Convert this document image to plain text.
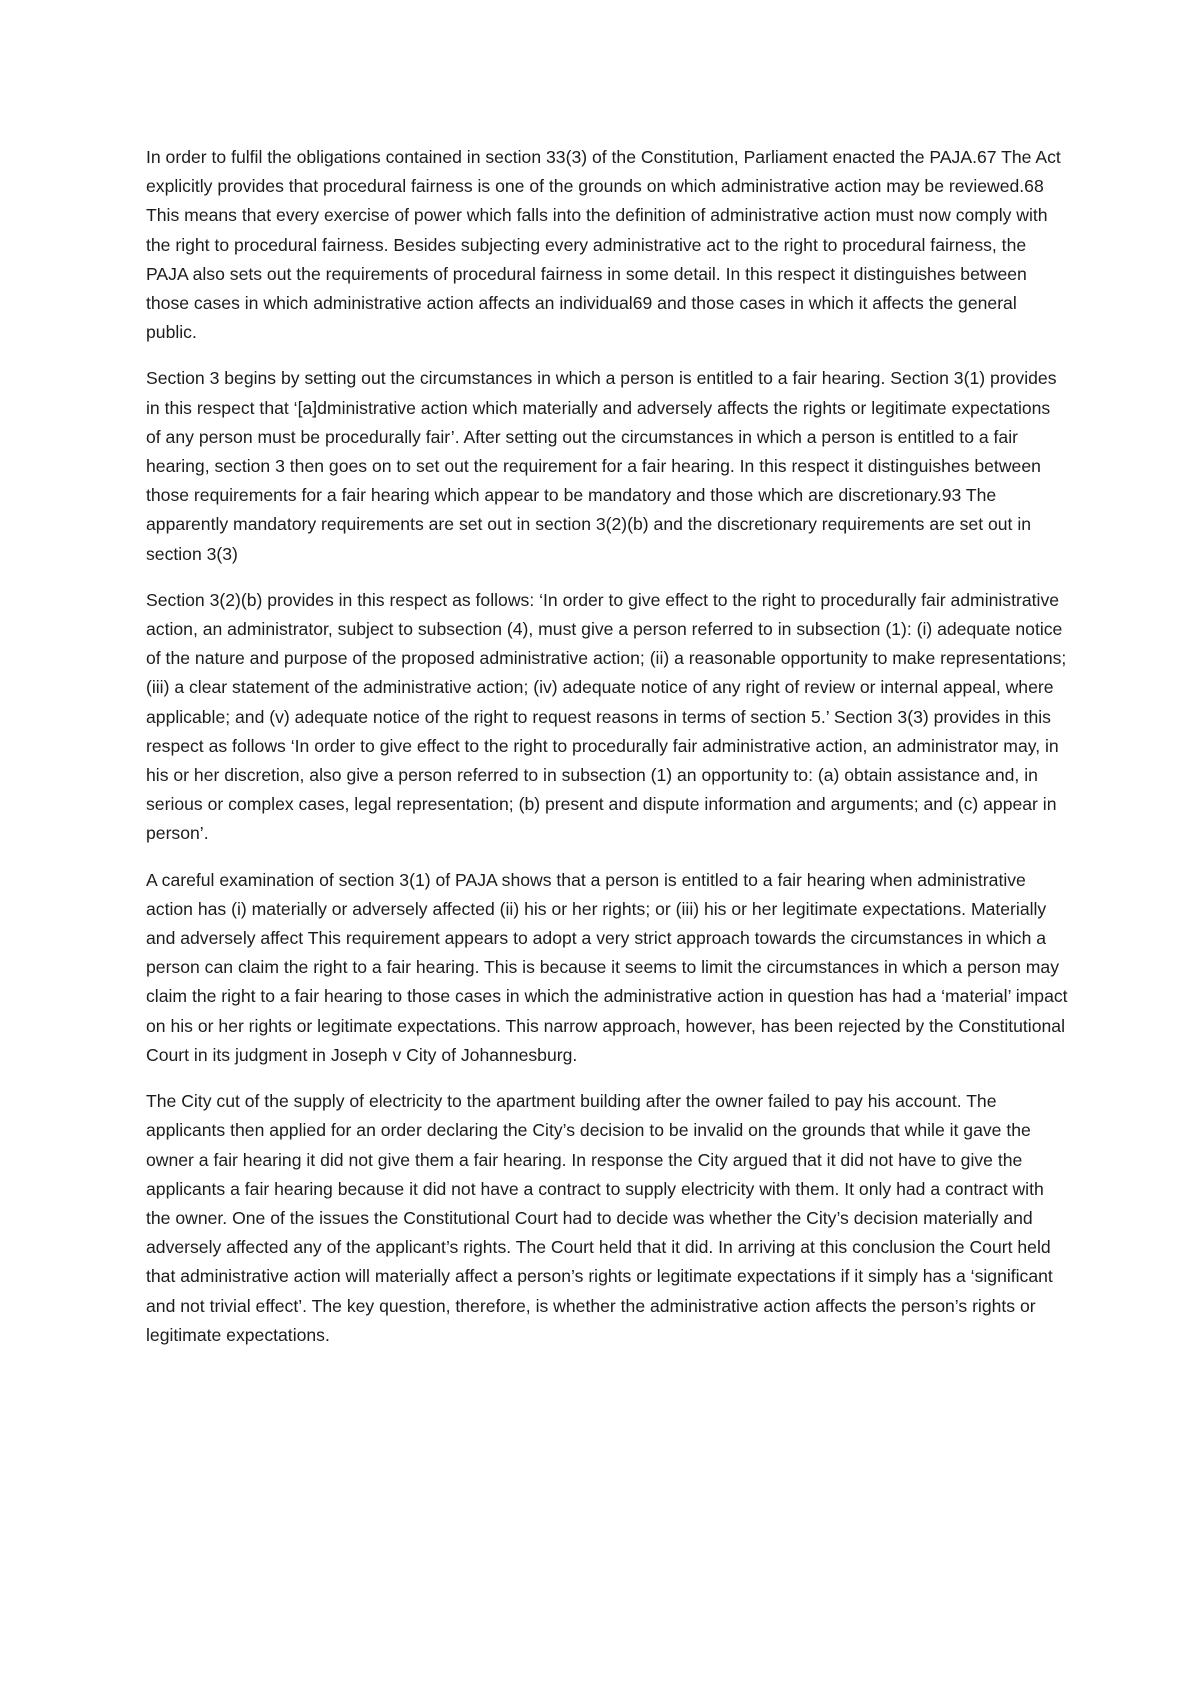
In order to fulfil the obligations contained in section 33(3) of the Constitution, Parliament enacted the PAJA.67 The Act explicitly provides that procedural fairness is one of the grounds on which administrative action may be reviewed.68 This means that every exercise of power which falls into the definition of administrative action must now comply with the right to procedural fairness. Besides subjecting every administrative act to the right to procedural fairness, the PAJA also sets out the requirements of procedural fairness in some detail. In this respect it distinguishes between those cases in which administrative action affects an individual69 and those cases in which it affects the general public.

Section 3 begins by setting out the circumstances in which a person is entitled to a fair hearing. Section 3(1) provides in this respect that ‘[a]dministrative action which materially and adversely affects the rights or legitimate expectations of any person must be procedurally fair’. After setting out the circumstances in which a person is entitled to a fair hearing, section 3 then goes on to set out the requirement for a fair hearing. In this respect it distinguishes between those requirements for a fair hearing which appear to be mandatory and those which are discretionary.93 The apparently mandatory requirements are set out in section 3(2)(b) and the discretionary requirements are set out in section 3(3)

Section 3(2)(b) provides in this respect as follows: ‘In order to give effect to the right to procedurally fair administrative action, an administrator, subject to subsection (4), must give a person referred to in subsection (1): (i) adequate notice of the nature and purpose of the proposed administrative action; (ii) a reasonable opportunity to make representations; (iii) a clear statement of the administrative action; (iv) adequate notice of any right of review or internal appeal, where applicable; and (v) adequate notice of the right to request reasons in terms of section 5.’ Section 3(3) provides in this respect as follows ‘In order to give effect to the right to procedurally fair administrative action, an administrator may, in his or her discretion, also give a person referred to in subsection (1) an opportunity to: (a) obtain assistance and, in serious or complex cases, legal representation; (b) present and dispute information and arguments; and (c) appear in person’.

A careful examination of section 3(1) of PAJA shows that a person is entitled to a fair hearing when administrative action has (i) materially or adversely affected (ii) his or her rights; or (iii) his or her legitimate expectations. Materially and adversely affect This requirement appears to adopt a very strict approach towards the circumstances in which a person can claim the right to a fair hearing. This is because it seems to limit the circumstances in which a person may claim the right to a fair hearing to those cases in which the administrative action in question has had a ‘material’ impact on his or her rights or legitimate expectations. This narrow approach, however, has been rejected by the Constitutional Court in its judgment in Joseph v City of Johannesburg.

The City cut of the supply of electricity to the apartment building after the owner failed to pay his account. The applicants then applied for an order declaring the City’s decision to be invalid on the grounds that while it gave the owner a fair hearing it did not give them a fair hearing. In response the City argued that it did not have to give the applicants a fair hearing because it did not have a contract to supply electricity with them. It only had a contract with the owner. One of the issues the Constitutional Court had to decide was whether the City’s decision materially and adversely affected any of the applicant’s rights. The Court held that it did. In arriving at this conclusion the Court held that administrative action will materially affect a person’s rights or legitimate expectations if it simply has a ‘significant and not trivial effect’. The key question, therefore, is whether the administrative action affects the person’s rights or legitimate expectations.
